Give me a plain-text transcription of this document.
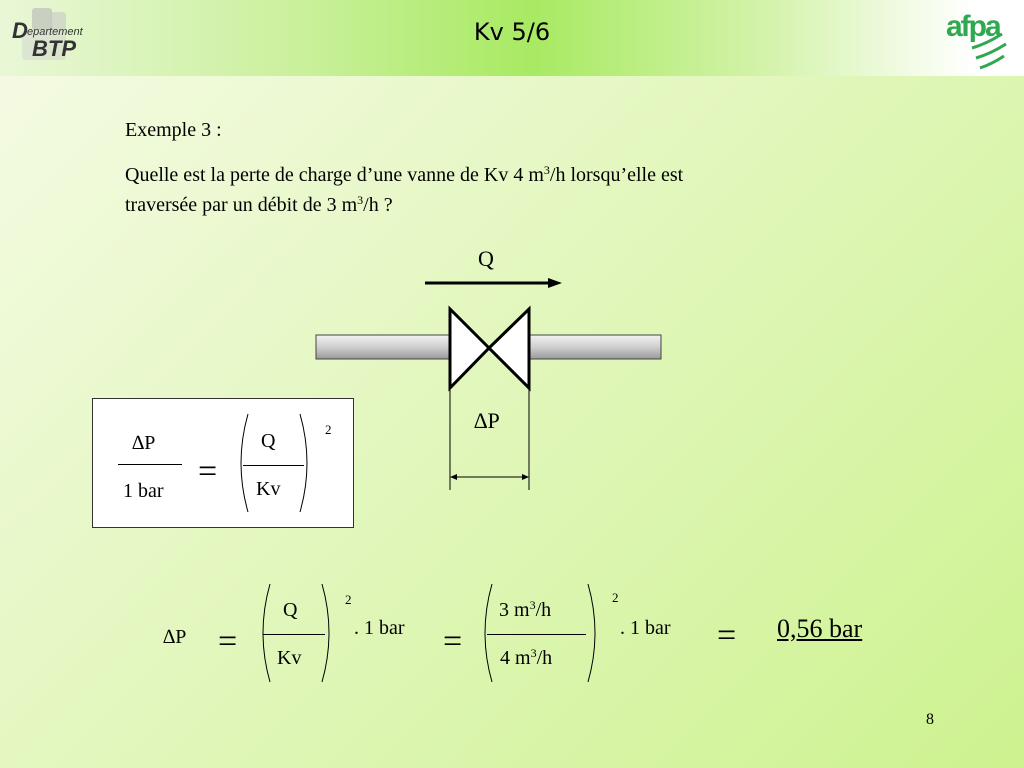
D epartement
BTP
Kv 5/6	afpa
Exemple 3 :
Quelle est la perte de charge d’une vanne de Kv 4 $m^3/h$ lorsqu’elle est
traversée par un débit de 3 $m^3/h$ ?
Q
∆P
∆P
1 bar
=
Q
Kv
2
∆P =
Q
Kv
2
. 1 bar =
3 $m^3/h$
4 $m^3/h$
2
. 1 bar = 0,56 bar
8
